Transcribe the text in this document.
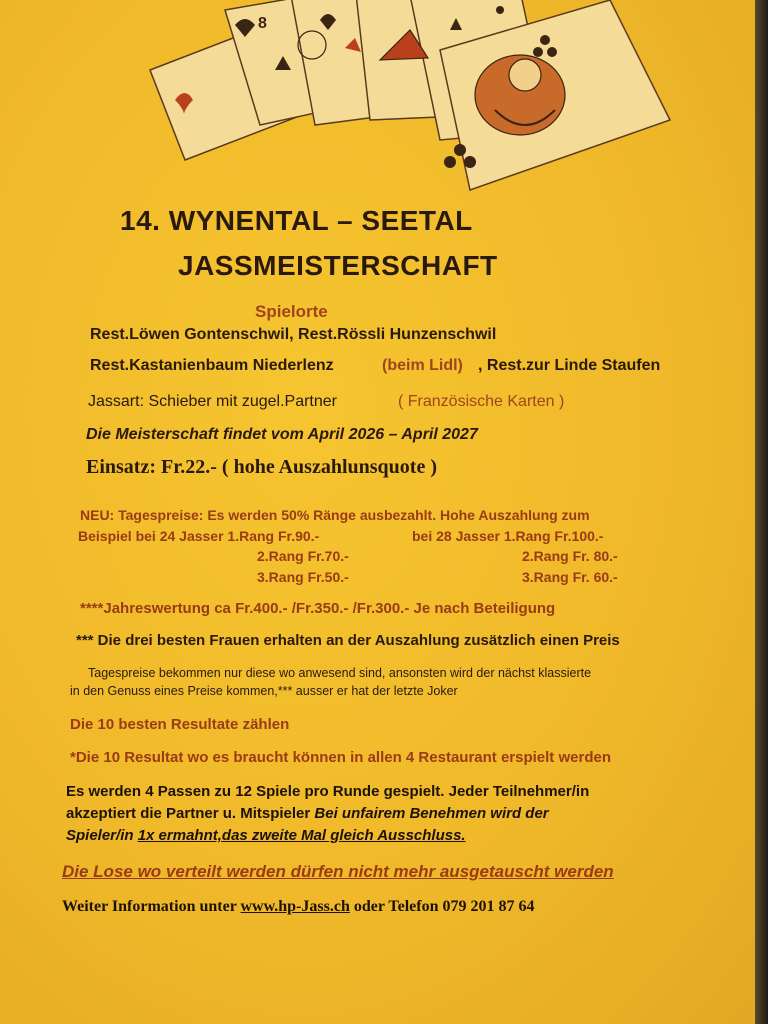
8
14. WYNENTAL – SEETAL
JASSMEISTERSCHAFT
Spielorte
Rest.Löwen Gontenschwil, Rest.Rössli Hunzenschwil
Rest.Kastanienbaum Niederlenz	(beim Lidl) , Rest.zur Linde Staufen
Jassart: Schieber mit zugel.Partner	( Französische Karten )
Die Meisterschaft findet vom April 2026 – April 2027
Einsatz: Fr.22.- ( hohe Auszahlunsquote )
NEU: Tagespreise: Es werden 50% Ränge ausbezahlt. Hohe Auszahlung zum
Beispiel bei 24 Jasser 1.Rang Fr.90.-
2.Rang Fr.70.-
3.Rang Fr.50.-
bei 28 Jasser 1.Rang Fr.100.-
2.Rang Fr. 80.-
3.Rang Fr. 60.-
****Jahreswertung ca Fr.400.- /Fr.350.- /Fr.300.- Je nach Beteiligung
*** Die drei besten Frauen erhalten an der Auszahlung zusätzlich einen Preis
Tagespreise bekommen nur diese wo anwesend sind, ansonsten wird der nächst klassierte
in den Genuss eines Preise kommen,*** ausser er hat der letzte Joker
Die 10 besten Resultate zählen
*Die 10 Resultat wo es braucht können in allen 4 Restaurant erspielt werden
Es werden 4 Passen zu 12 Spiele pro Runde gespielt. Jeder Teilnehmer/in
akzeptiert die Partner u. Mitspieler Bei unfairem Benehmen wird der
Spieler/in 1x ermahnt,das zweite Mal gleich Ausschluss.
Die Lose wo verteilt werden dürfen nicht mehr ausgetauscht werden
Weiter Information unter www.hp-Jass.ch oder Telefon 079 201 87 64
